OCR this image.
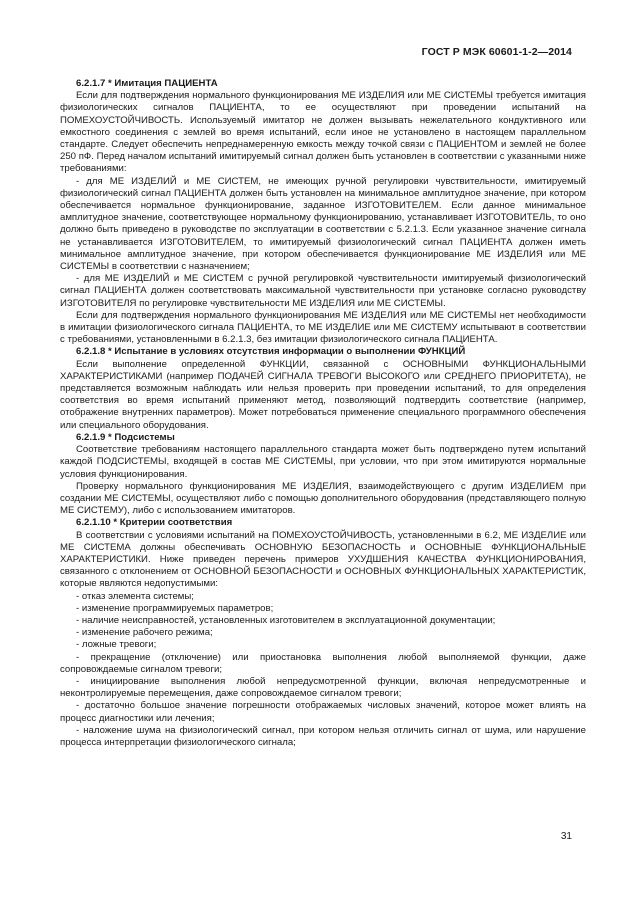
ГОСТ Р МЭК 60601-1-2—2014

6.2.1.7 * Имитация ПАЦИЕНТА

Если для подтверждения нормального функционирования МЕ ИЗДЕЛИЯ или МЕ СИСТЕМЫ требуется имитация физиологических сигналов ПАЦИЕНТА, то ее осуществляют при проведении испытаний на ПОМЕХОУСТОЙЧИВОСТЬ. Используемый имитатор не должен вызывать нежелательного кондуктивного или емкостного соединения с землей во время испытаний, если иное не установлено в настоящем параллельном стандарте. Следует обеспечить непреднамеренную емкость между точкой связи с ПАЦИЕНТОМ и землей не более 250 пФ. Перед началом испытаний имитируемый сигнал должен быть установлен в соответствии с указанными ниже требованиями:

- для МЕ ИЗДЕЛИЙ и МЕ СИСТЕМ, не имеющих ручной регулировки чувствительности, имитируемый физиологический сигнал ПАЦИЕНТА должен быть установлен на минимальное амплитудное значение, при котором обеспечивается нормальное функционирование, заданное ИЗГОТОВИТЕЛЕМ. Если данное минимальное амплитудное значение, соответствующее нормальному функционированию, устанавливает ИЗГОТОВИТЕЛЬ, то оно должно быть приведено в руководстве по эксплуатации в соответствии с 5.2.1.3. Если указанное значение сигнала не устанавливается ИЗГОТОВИТЕЛЕМ, то имитируемый физиологический сигнал ПАЦИЕНТА должен иметь минимальное амплитудное значение, при котором обеспечивается функционирование МЕ ИЗДЕЛИЯ или МЕ СИСТЕМЫ в соответствии с назначением;

- для МЕ ИЗДЕЛИЙ и МЕ СИСТЕМ с ручной регулировкой чувствительности имитируемый физиологический сигнал ПАЦИЕНТА должен соответствовать максимальной чувствительности при установке согласно руководству ИЗГОТОВИТЕЛЯ по регулировке чувствительности МЕ ИЗДЕЛИЯ или МЕ СИСТЕМЫ.

Если для подтверждения нормального функционирования МЕ ИЗДЕЛИЯ или МЕ СИСТЕМЫ нет необходимости в имитации физиологического сигнала ПАЦИЕНТА, то МЕ ИЗДЕЛИЕ или МЕ СИСТЕМУ испытывают в соответствии с требованиями, установленными в 6.2.1.3, без имитации физиологического сигнала ПАЦИЕНТА.

6.2.1.8 * Испытание в условиях отсутствия информации о выполнении ФУНКЦИЙ

Если выполнение определенной ФУНКЦИИ, связанной с ОСНОВНЫМИ ФУНКЦИОНАЛЬНЫМИ ХАРАКТЕРИСТИКАМИ (например ПОДАЧЕЙ СИГНАЛА ТРЕВОГИ ВЫСОКОГО или СРЕДНЕГО ПРИОРИТЕТА), не представляется возможным наблюдать или нельзя проверить при проведении испытаний, то для определения соответствия во время испытаний применяют метод, позволяющий подтвердить соответствие (например, отображение внутренних параметров). Может потребоваться применение специального программного обеспечения или специального оборудования.

6.2.1.9 * Подсистемы

Соответствие требованиям настоящего параллельного стандарта может быть подтверждено путем испытаний каждой ПОДСИСТЕМЫ, входящей в состав МЕ СИСТЕМЫ, при условии, что при этом имитируются нормальные условия функционирования.

Проверку нормального функционирования МЕ ИЗДЕЛИЯ, взаимодействующего с другим ИЗДЕЛИЕМ при создании МЕ СИСТЕМЫ, осуществляют либо с помощью дополнительного оборудования (представляющего полную МЕ СИСТЕМУ), либо с использованием имитаторов.

6.2.1.10 * Критерии соответствия

В соответствии с условиями испытаний на ПОМЕХОУСТОЙЧИВОСТЬ, установленными в 6.2, МЕ ИЗДЕЛИЕ или МЕ СИСТЕМА должны обеспечивать ОСНОВНУЮ БЕЗОПАСНОСТЬ и ОСНОВНЫЕ ФУНКЦИОНАЛЬНЫЕ ХАРАКТЕРИСТИКИ. Ниже приведен перечень примеров УХУДШЕНИЯ КАЧЕСТВА ФУНКЦИОНИРОВАНИЯ, связанного с отклонением от ОСНОВНОЙ БЕЗОПАСНОСТИ и ОСНОВНЫХ ФУНКЦИОНАЛЬНЫХ ХАРАКТЕРИСТИК, которые являются недопустимыми:

- отказ элемента системы;

- изменение программируемых параметров;

- наличие неисправностей, установленных изготовителем в эксплуатационной документации;

- изменение рабочего режима;

- ложные тревоги;

- прекращение (отключение) или приостановка выполнения любой выполняемой функции, даже сопровождаемые сигналом тревоги;

- инициирование выполнения любой непредусмотренной функции, включая непредусмотренные и неконтролируемые перемещения, даже сопровождаемое сигналом тревоги;

- достаточно большое значение погрешности отображаемых числовых значений, которое может влиять на процесс диагностики или лечения;

- наложение шума на физиологический сигнал, при котором нельзя отличить сигнал от шума, или нарушение процесса интерпретации физиологического сигнала;

31
